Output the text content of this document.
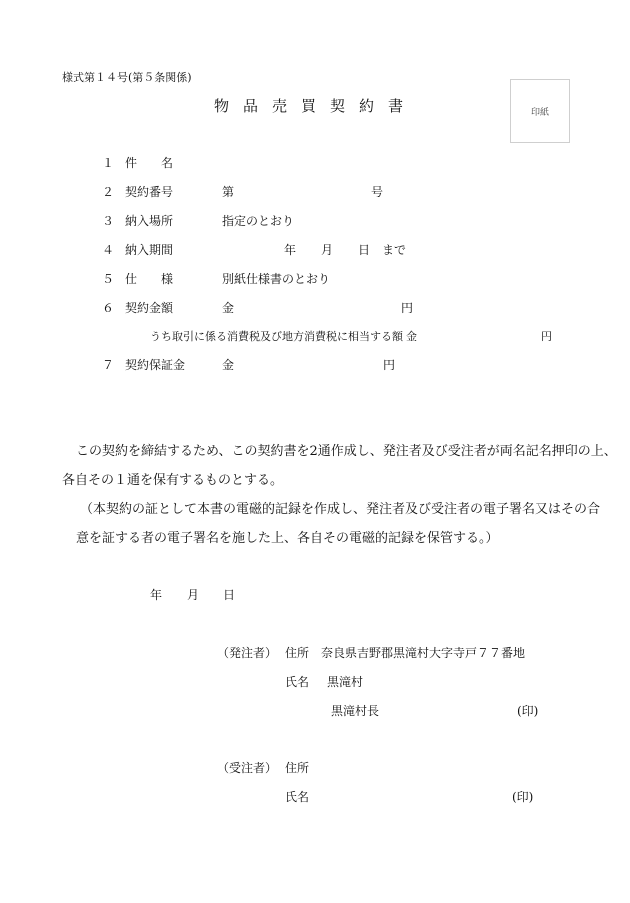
様式第１４号(第５条関係)
物品売買契約書	印紙
１ 件　　名
２ 契約番号	第	号
３ 納入場所	指定のとおり
４ 納入期間	年 月 日 まで
５ 仕　　様	別紙仕様書のとおり
６ 契約金額	金	円
うち取引に係る消費税及び地方消費税に相当する額 金	円
７ 契約保証金	金	円

この契約を締結するため、この契約書を2通作成し、発注者及び受注者が両名記名押印の上、

各自その１通を保有するものとする。

（本契約の証として本書の電磁的記録を作成し、発注者及び受注者の電子署名又はその合

意を証する者の電子署名を施した上、各自その電磁的記録を保管する。）

年 月 日
（発注者） 住所 奈良県吉野郡黒滝村大字寺戸７７番地
氏名 黒滝村
黒滝村長	(印)
（受注者） 住所
氏名	(印)
